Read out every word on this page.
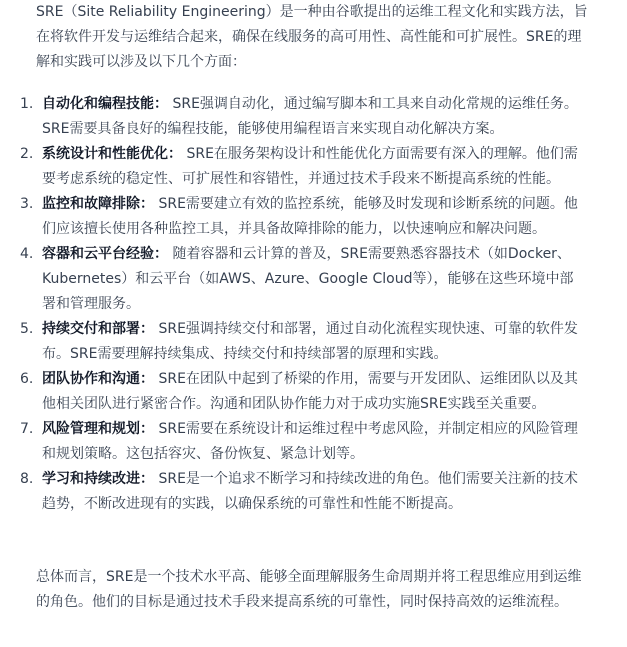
SRE（Site Reliability Engineering）是一种由谷歌提出的运维工程文化和实践方法，旨在将软件开发与运维结合起来，确保在线服务的高可用性、高性能和可扩展性。SRE的理解和实践可以涉及以下几个方面：

1. 自动化和编程技能： SRE强调自动化，通过编写脚本和工具来自动化常规的运维任务。SRE需要具备良好的编程技能，能够使用编程语言来实现自动化解决方案。
2. 系统设计和性能优化： SRE在服务架构设计和性能优化方面需要有深入的理解。他们需要考虑系统的稳定性、可扩展性和容错性，并通过技术手段来不断提高系统的性能。
3. 监控和故障排除： SRE需要建立有效的监控系统，能够及时发现和诊断系统的问题。他们应该擅长使用各种监控工具，并具备故障排除的能力，以快速响应和解决问题。
4. 容器和云平台经验： 随着容器和云计算的普及，SRE需要熟悉容器技术（如Docker、Kubernetes）和云平台（如AWS、Azure、Google Cloud等），能够在这些环境中部署和管理服务。
5. 持续交付和部署： SRE强调持续交付和部署，通过自动化流程实现快速、可靠的软件发布。SRE需要理解持续集成、持续交付和持续部署的原理和实践。
6. 团队协作和沟通： SRE在团队中起到了桥梁的作用，需要与开发团队、运维团队以及其他相关团队进行紧密合作。沟通和团队协作能力对于成功实施SRE实践至关重要。
7. 风险管理和规划： SRE需要在系统设计和运维过程中考虑风险，并制定相应的风险管理和规划策略。这包括容灾、备份恢复、紧急计划等。
8. 学习和持续改进： SRE是一个追求不断学习和持续改进的角色。他们需要关注新的技术趋势，不断改进现有的实践，以确保系统的可靠性和性能不断提高。

总体而言，SRE是一个技术水平高、能够全面理解服务生命周期并将工程思维应用到运维的角色。他们的目标是通过技术手段来提高系统的可靠性，同时保持高效的运维流程。
